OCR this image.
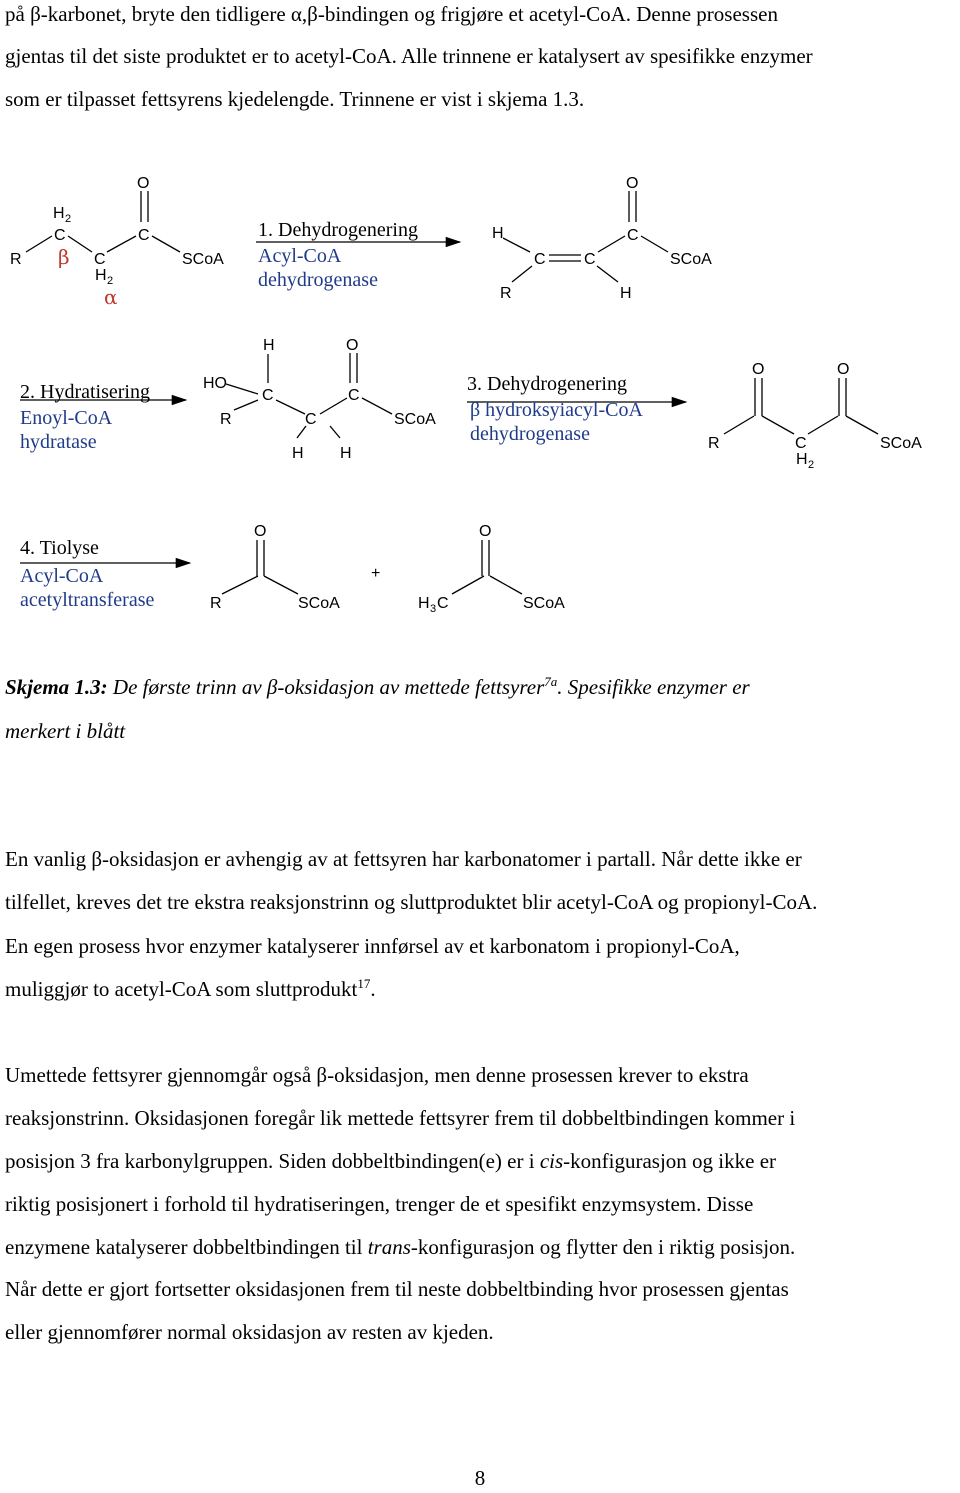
på β-karbonet, bryte den tidligere α,β-bindingen og frigjøre et acetyl-CoA. Denne prosessen
gjentas til det siste produktet er to acetyl-CoA. Alle trinnene er katalysert av spesifikke enzymer
som er tilpasset fettsyrens kjedelengde. Trinnene er vist i skjema 1.3.
R
H 2
C
β C
H 2
α
O
C
SCoA
1. Dehydrogenering
Acyl-CoA
dehydrogenase
H
R
C C
H
O
C
SCoA
2. Hydratisering
Enoyl-CoA
hydratase
HO
R
H
C
C
H
O
C
H
SCoA
3. Dehydrogenering
β hydroksyiacyl-CoA
dehydrogenase	R
O
C
H 2
O
SCoA
4. Tiolyse
Acyl-CoA
acetyltransferase
O
R	SCoA
+
O
H 3 C	SCoA
Skjema 1.3: De første trinn av β-oksidasjon av mettede fettsyrer$^{7a}$. Spesifikke enzymer er
merkert i blått
En vanlig β-oksidasjon er avhengig av at fettsyren har karbonatomer i partall. Når dette ikke er
tilfellet, kreves det tre ekstra reaksjonstrinn og sluttproduktet blir acetyl-CoA og propionyl-CoA.
En egen prosess hvor enzymer katalyserer innførsel av et karbonatom i propionyl-CoA,
muliggjør to acetyl-CoA som sluttprodukt$^{17}$.
Umettede fettsyrer gjennomgår også β-oksidasjon, men denne prosessen krever to ekstra
reaksjonstrinn. Oksidasjonen foregår lik mettede fettsyrer frem til dobbeltbindingen kommer i
posisjon 3 fra karbonylgruppen. Siden dobbeltbindingen(e) er i cis-konfigurasjon og ikke er
riktig posisjonert i forhold til hydratiseringen, trenger de et spesifikt enzymsystem. Disse
enzymene katalyserer dobbeltbindingen til trans-konfigurasjon og flytter den i riktig posisjon.
Når dette er gjort fortsetter oksidasjonen frem til neste dobbeltbinding hvor prosessen gjentas
eller gjennomfører normal oksidasjon av resten av kjeden.
8
